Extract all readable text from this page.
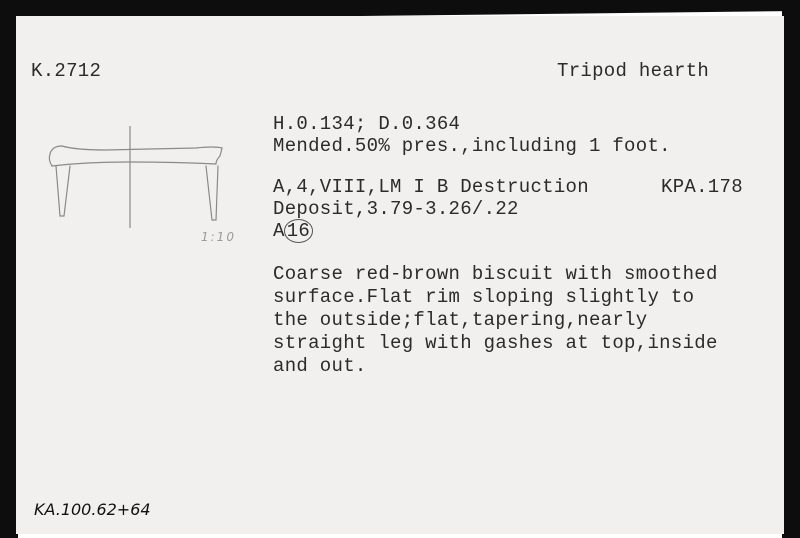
K.2712	Tripod hearth
1:10
H.0.134; D.0.364
Mended.50% pres.,including 1 foot.
A,4,VIII,LM I B Destruction	KPA.178
Deposit,3.79-3.26/.22
A 16
Coarse red-brown biscuit with smoothed
surface.Flat rim sloping slightly to
the outside;flat,tapering,nearly
straight leg with gashes at top,inside
and out.
KA.100.62+64
